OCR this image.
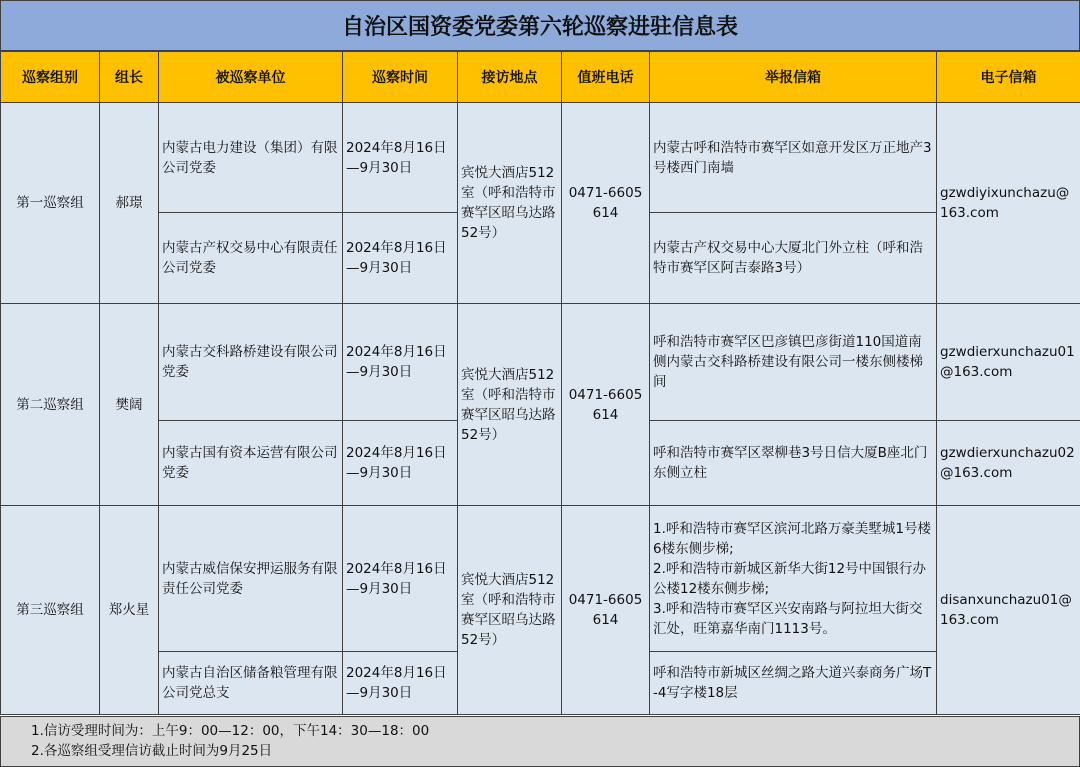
自治区国资委党委第六轮巡察进驻信息表
巡察组别	组长	被巡察单位	巡察时间	接访地点	值班电话	举报信箱	电子信箱
第一巡察组	郝璟	内蒙古电力建设（集团）有限公司党委	2024年8月16日—9月30日	宾悦大酒店512室（呼和浩特市赛罕区昭乌达路52号）	0471-6605614	内蒙古呼和浩特市赛罕区如意开发区万正地产3号楼西门南墙	gzwdiyixunchazu@163.com
		内蒙古产权交易中心有限责任公司党委	2024年8月16日—9月30日			内蒙古产权交易中心大厦北门外立柱（呼和浩特市赛罕区阿吉泰路3号）	
第二巡察组	樊阔	内蒙古交科路桥建设有限公司党委	2024年8月16日—9月30日	宾悦大酒店512室（呼和浩特市赛罕区昭乌达路52号）	0471-6605614	呼和浩特市赛罕区巴彦镇巴彦街道110国道南侧内蒙古交科路桥建设有限公司一楼东侧楼梯间	gzwdierxunchazu01@163.com
		内蒙古国有资本运营有限公司党委	2024年8月16日—9月30日			呼和浩特市赛罕区翠柳巷3号日信大厦B座北门东侧立柱	gzwdierxunchazu02@163.com
第三巡察组	郑火星	内蒙古威信保安押运服务有限责任公司党委	2024年8月16日—9月30日	宾悦大酒店512室（呼和浩特市赛罕区昭乌达路52号）	0471-6605614	1.呼和浩特市赛罕区滨河北路万豪美墅城1号楼6楼东侧步梯;
2.呼和浩特市新城区新华大街12号中国银行办公楼12楼东侧步梯;
3.呼和浩特市赛罕区兴安南路与阿拉坦大街交汇处，旺第嘉华南门1113号。	disanxunchazu01@163.com
		内蒙古自治区储备粮管理有限公司党总支	2024年8月16日—9月30日			呼和浩特市新城区丝绸之路大道兴泰商务广场T-4写字楼18层	
1.信访受理时间为：上午9：00—12：00，下午14：30—18：00
2.各巡察组受理信访截止时间为9月25日
